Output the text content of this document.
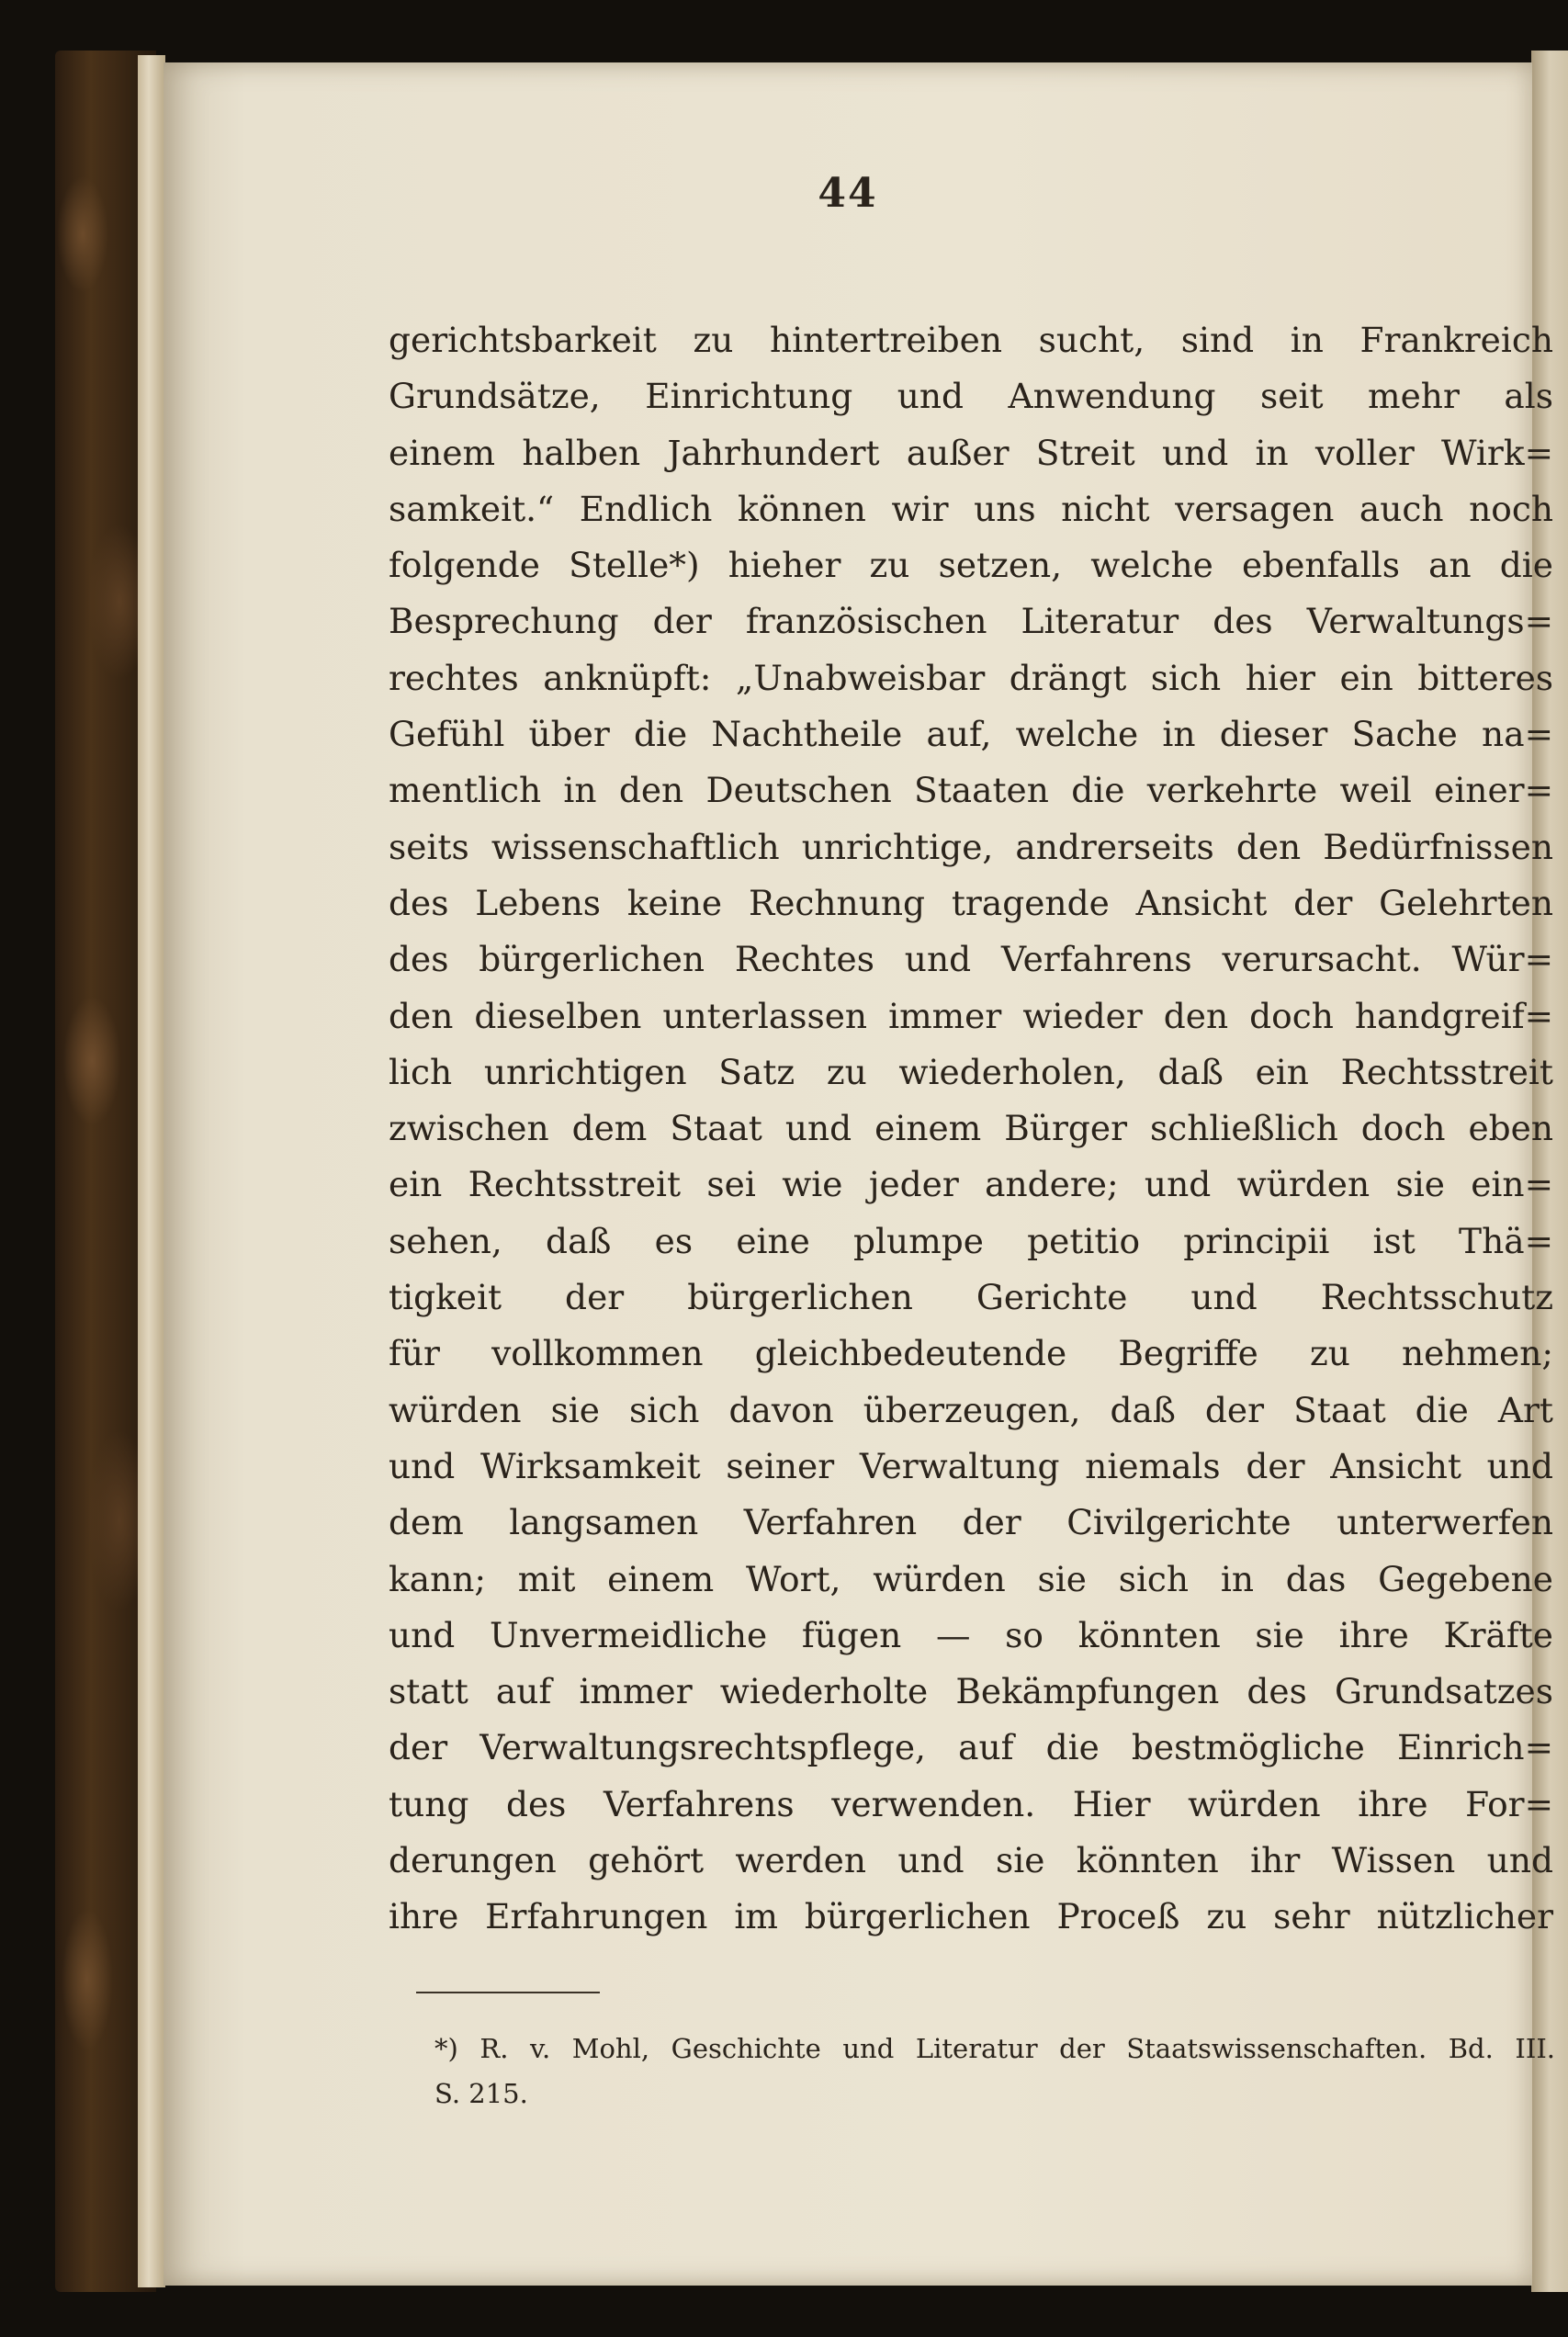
44
gerichtsbarkeit zu hintertreiben sucht, sind in Frankreich
Grundsätze, Einrichtung und Anwendung seit mehr als
einem halben Jahrhundert außer Streit und in voller Wirk=
samkeit.“ Endlich können wir uns nicht versagen auch noch
folgende Stelle*) hieher zu setzen, welche ebenfalls an die
Besprechung der französischen Literatur des Verwaltungs=
rechtes anknüpft: „Unabweisbar drängt sich hier ein bitteres
Gefühl über die Nachtheile auf, welche in dieser Sache na=
mentlich in den Deutschen Staaten die verkehrte weil einer=
seits wissenschaftlich unrichtige, andrerseits den Bedürfnissen
des Lebens keine Rechnung tragende Ansicht der Gelehrten
des bürgerlichen Rechtes und Verfahrens verursacht. Wür=
den dieselben unterlassen immer wieder den doch handgreif=
lich unrichtigen Satz zu wiederholen, daß ein Rechtsstreit
zwischen dem Staat und einem Bürger schließlich doch eben
ein Rechtsstreit sei wie jeder andere; und würden sie ein=
sehen, daß es eine plumpe petitio principii ist Thä=
tigkeit der bürgerlichen Gerichte und Rechtsschutz
für vollkommen gleichbedeutende Begriffe zu nehmen;
würden sie sich davon überzeugen, daß der Staat die Art
und Wirksamkeit seiner Verwaltung niemals der Ansicht und
dem langsamen Verfahren der Civilgerichte unterwerfen
kann; mit einem Wort, würden sie sich in das Gegebene
und Unvermeidliche fügen — so könnten sie ihre Kräfte
statt auf immer wiederholte Bekämpfungen des Grundsatzes
der Verwaltungsrechtspflege, auf die bestmögliche Einrich=
tung des Verfahrens verwenden. Hier würden ihre For=
derungen gehört werden und sie könnten ihr Wissen und
ihre Erfahrungen im bürgerlichen Proceß zu sehr nützlicher
*) R. v. Mohl, Geschichte und Literatur der Staatswissenschaften. Bd. III.
S. 215.
